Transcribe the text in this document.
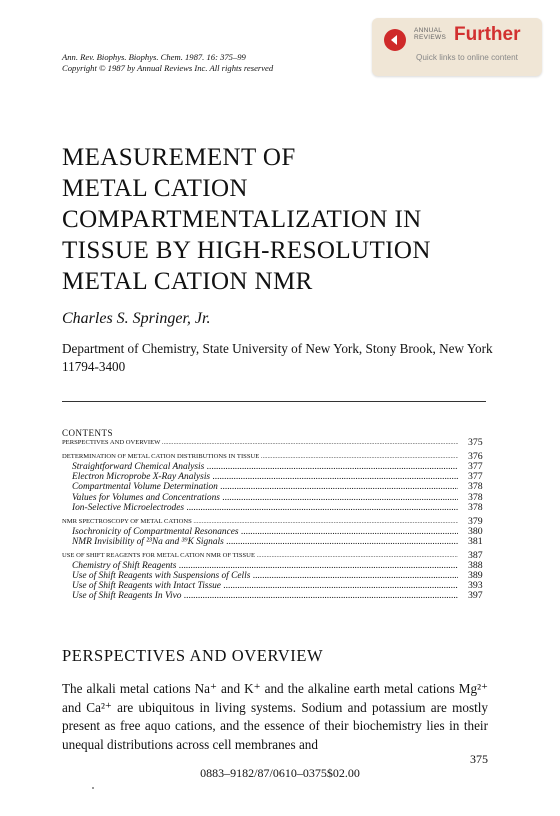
Ann. Rev. Biophys. Biophys. Chem. 1987. 16: 375–99
Copyright © 1987 by Annual Reviews Inc. All rights reserved
ANNUAL
REVIEWS Further
Quick links to online content
MEASUREMENT OF
METAL CATION
COMPARTMENTALIZATION IN
TISSUE BY HIGH-RESOLUTION
METAL CATION NMR
Charles S. Springer, Jr.
Department of Chemistry, State University of New York, Stony Brook, New York 11794-3400
CONTENTS
PERSPECTIVES AND OVERVIEW .....	375
DETERMINATION OF METAL CATION DISTRIBUTIONS IN TISSUE .....	376
Straightforward Chemical Analysis .....	377
Electron Microprobe X-Ray Analysis .....	377
Compartmental Volume Determination .....	378
Values for Volumes and Concentrations .....	378
Ion-Selective Microelectrodes .....	378
NMR SPECTROSCOPY OF METAL CATIONS .....	379
Isochronicity of Compartmental Resonances .....	380
NMR Invisibility of ²³Na and ³⁹K Signals .....	381
USE OF SHIFT REAGENTS FOR METAL CATION NMR OF TISSUE .....	387
Chemistry of Shift Reagents .....	388
Use of Shift Reagents with Suspensions of Cells .....	389
Use of Shift Reagents with Intact Tissue .....	393
Use of Shift Reagents In Vivo .....	397
PERSPECTIVES AND OVERVIEW

The alkali metal cations Na⁺ and K⁺ and the alkaline earth metal cations Mg²⁺ and Ca²⁺ are ubiquitous in living systems. Sodium and potassium are mostly present as free aquo cations, and the essence of their biochemistry lies in their unequal distributions across cell membranes and

375
0883–9182/87/0610–0375$02.00
